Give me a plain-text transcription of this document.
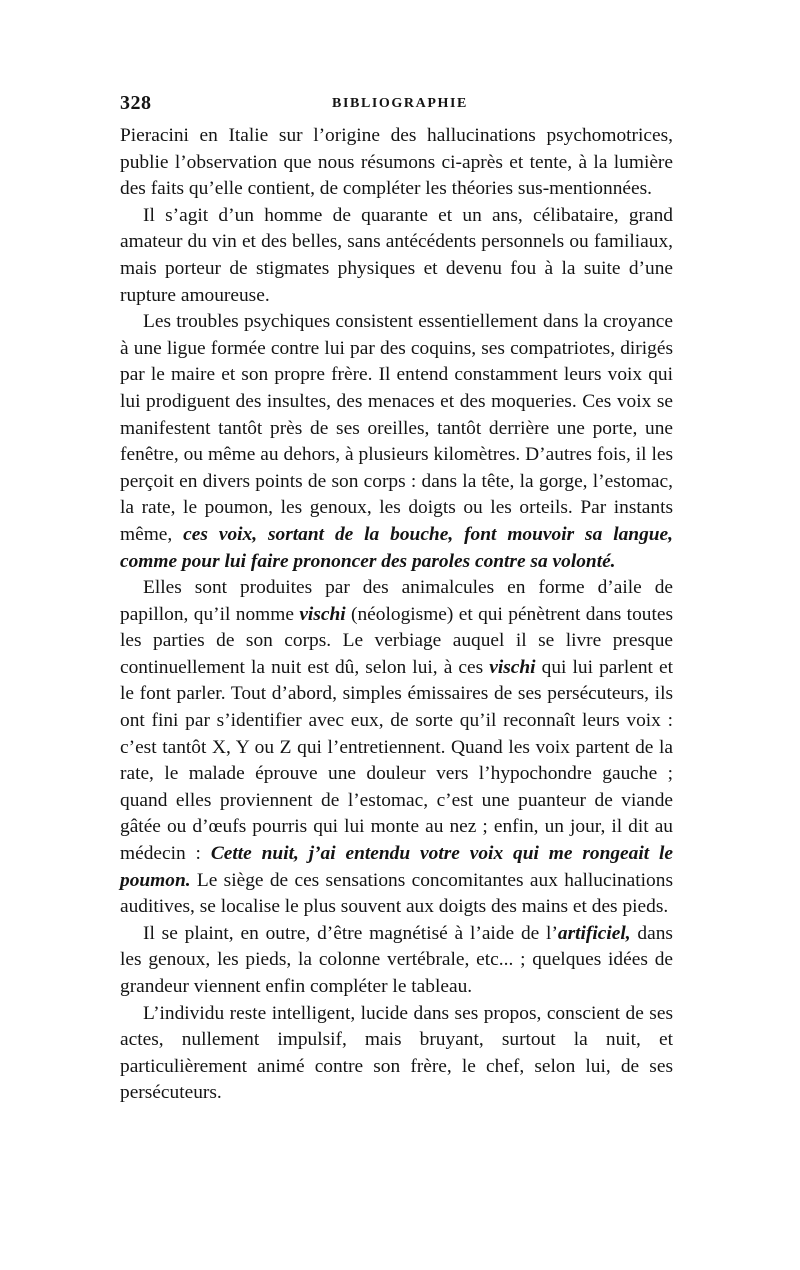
328	BIBLIOGRAPHIE

Pieracini en Italie sur l’origine des hallucinations psychomotrices, publie l’observation que nous résumons ci-après et tente, à la lumière des faits qu’elle contient, de compléter les théories sus-mentionnées.

Il s’agit d’un homme de quarante et un ans, célibataire, grand amateur du vin et des belles, sans antécédents personnels ou familiaux, mais porteur de stigmates physiques et devenu fou à la suite d’une rupture amoureuse.

Les troubles psychiques consistent essentiellement dans la croyance à une ligue formée contre lui par des coquins, ses compatriotes, dirigés par le maire et son propre frère. Il entend constamment leurs voix qui lui prodiguent des insultes, des menaces et des moqueries. Ces voix se manifestent tantôt près de ses oreilles, tantôt derrière une porte, une fenêtre, ou même au dehors, à plusieurs kilomètres. D’autres fois, il les perçoit en divers points de son corps : dans la tête, la gorge, l’estomac, la rate, le poumon, les genoux, les doigts ou les orteils. Par instants même, ces voix, sortant de la bouche, font mouvoir sa langue, comme pour lui faire prononcer des paroles contre sa volonté.

Elles sont produites par des animalcules en forme d’aile de papillon, qu’il nomme vischi (néologisme) et qui pénètrent dans toutes les parties de son corps. Le verbiage auquel il se livre presque continuellement la nuit est dû, selon lui, à ces vischi qui lui parlent et le font parler. Tout d’abord, simples émissaires de ses persécuteurs, ils ont fini par s’identifier avec eux, de sorte qu’il reconnaît leurs voix : c’est tantôt X, Y ou Z qui l’entretiennent. Quand les voix partent de la rate, le malade éprouve une douleur vers l’hypochondre gauche ; quand elles proviennent de l’estomac, c’est une puanteur de viande gâtée ou d’œufs pourris qui lui monte au nez ; enfin, un jour, il dit au médecin : Cette nuit, j’ai entendu votre voix qui me rongeait le poumon. Le siège de ces sensations concomitantes aux hallucinations auditives, se localise le plus souvent aux doigts des mains et des pieds.

Il se plaint, en outre, d’être magnétisé à l’aide de l’artificiel, dans les genoux, les pieds, la colonne vertébrale, etc... ; quelques idées de grandeur viennent enfin compléter le tableau.

L’individu reste intelligent, lucide dans ses propos, conscient de ses actes, nullement impulsif, mais bruyant, surtout la nuit, et particulièrement animé contre son frère, le chef, selon lui, de ses persécuteurs.
